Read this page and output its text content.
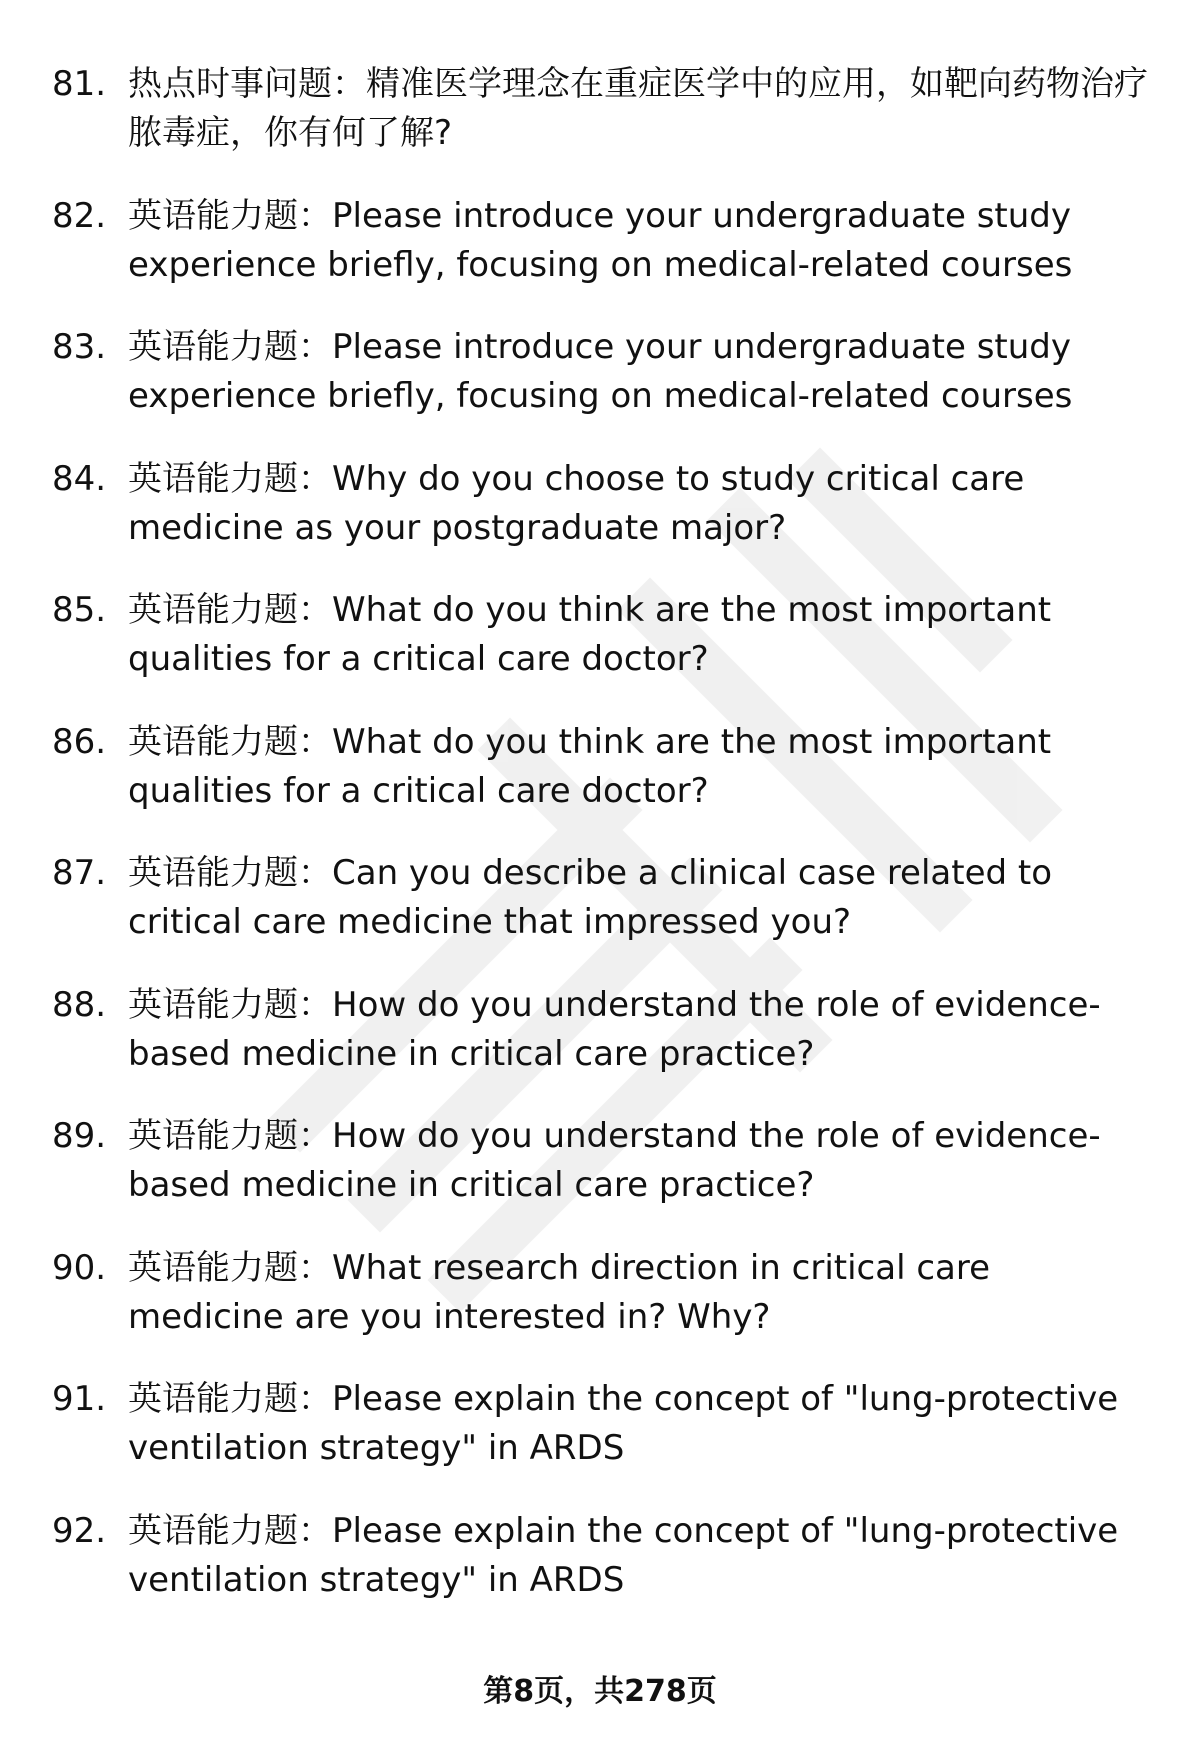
81. 热点时事问题：精准医学理念在重症医学中的应用，如靶向药物治疗脓毒症，你有何了解?
82. 英语能力题：Please introduce your undergraduate study experience briefly, focusing on medical-related courses
83. 英语能力题：Please introduce your undergraduate study experience briefly, focusing on medical-related courses
84. 英语能力题：Why do you choose to study critical care medicine as your postgraduate major?
85. 英语能力题：What do you think are the most important qualities for a critical care doctor?
86. 英语能力题：What do you think are the most important qualities for a critical care doctor?
87. 英语能力题：Can you describe a clinical case related to critical care medicine that impressed you?
88. 英语能力题：How do you understand the role of evidence-based medicine in critical care practice?
89. 英语能力题：How do you understand the role of evidence-based medicine in critical care practice?
90. 英语能力题：What research direction in critical care medicine are you interested in? Why?
91. 英语能力题：Please explain the concept of "lung-protective ventilation strategy" in ARDS
92. 英语能力题：Please explain the concept of "lung-protective ventilation strategy" in ARDS
第8页，共278页
